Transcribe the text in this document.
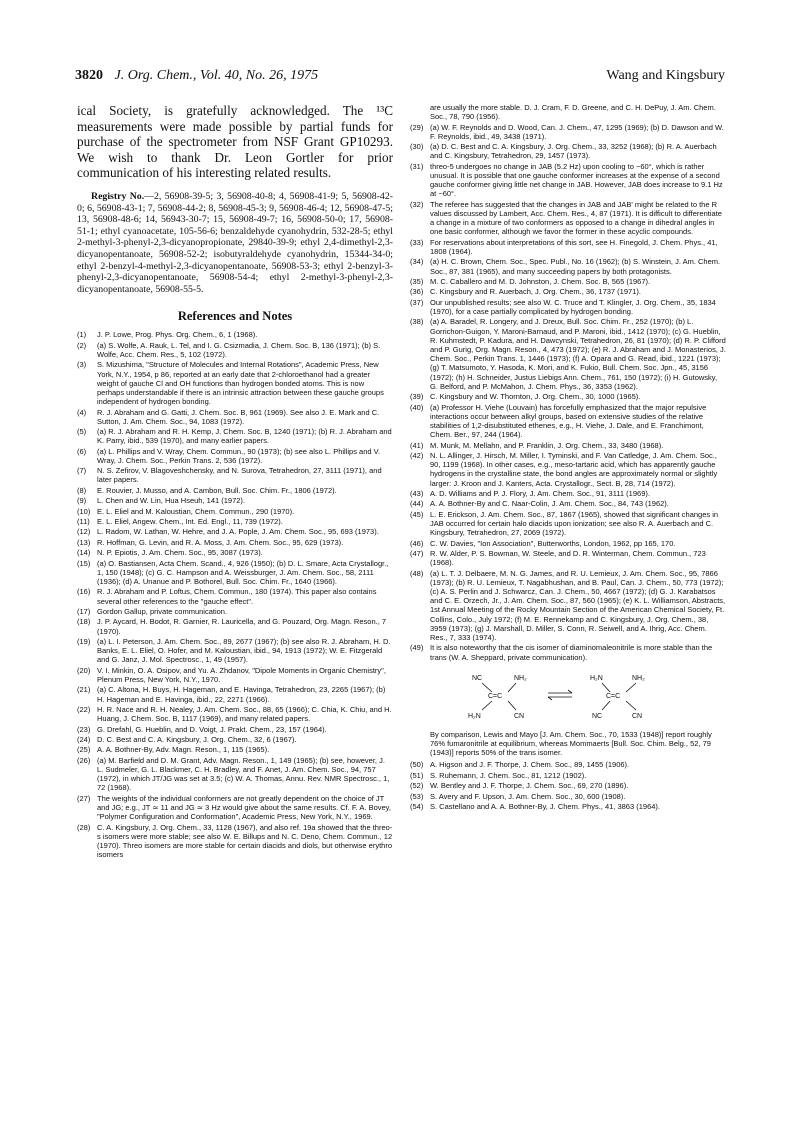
3820 J. Org. Chem., Vol. 40, No. 26, 1975	Wang and Kingsbury

ical Society, is gratefully acknowledged. The ¹³C measurements were made possible by partial funds for purchase of the spectrometer from NSF Grant GP10293. We wish to thank Dr. Leon Gortler for prior communication of his interesting related results.

Registry No.—2, 56908-39-5; 3, 56908-40-8; 4, 56908-41-9; 5, 56908-42-0; 6, 56908-43-1; 7, 56908-44-2; 8, 56908-45-3; 9, 56908-46-4; 12, 56908-47-5; 13, 56908-48-6; 14, 56943-30-7; 15, 56908-49-7; 16, 56908-50-0; 17, 56908-51-1; ethyl cyanoacetate, 105-56-6; benzaldehyde cyanohydrin, 532-28-5; ethyl 2-methyl-3-phenyl-2,3-dicyanopropionate, 29840-39-9; ethyl 2,4-dimethyl-2,3-dicyanopentanoate, 56908-52-2; isobutyraldehyde cyanohydrin, 15344-34-0; ethyl 2-benzyl-4-methyl-2,3-dicyanopentanoate, 56908-53-3; ethyl 2-benzyl-3-phenyl-2,3-dicyanopentanoate, 56908-54-4; ethyl 2-methyl-3-phenyl-2,3-dicyanopentanoate, 56908-55-5.

References and Notes
(1)	J. P. Lowe, Prog. Phys. Org. Chem., 6, 1 (1968).
(2)	(a) S. Wolfe, A. Rauk, L. Tel, and I. G. Csizmadia, J. Chem. Soc. B, 136 (1971); (b) S. Wolfe, Acc. Chem. Res., 5, 102 (1972).
(3)	S. Mizushima, "Structure of Molecules and Internal Rotations", Academic Press, New York, N.Y., 1954, p 86, reported at an early date that 2-chloroethanol had a greater weight of gauche Cl and OH functions than hydrogen bonded atoms. This is now perhaps understandable if there is an intrinsic attraction between these gauche groups independent of hydrogen bonding.
(4)	R. J. Abraham and G. Gatti, J. Chem. Soc. B, 961 (1969). See also J. E. Mark and C. Sutton, J. Am. Chem. Soc., 94, 1083 (1972).
(5)	(a) R. J. Abraham and R. H. Kemp, J. Chem. Soc. B, 1240 (1971); (b) R. J. Abraham and K. Parry, ibid., 539 (1970), and many earlier papers.
(6)	(a) L. Phillips and V. Wray, Chem. Commun., 90 (1973); (b) see also L. Phillips and V. Wray, J. Chem. Soc., Perkin Trans. 2, 536 (1972).
(7)	N. S. Zefirov, V. Blagoveshchensky, and N. Surova, Tetrahedron, 27, 3111 (1971), and later papers.
(8)	E. Rouvier, J. Musso, and A. Cambon, Bull. Soc. Chim. Fr., 1806 (1972).
(9)	L. Chen and W. Lin, Hua Hseuh, 141 (1972).
(10) E. L. Eliel and M. Kaloustian, Chem. Commun., 290 (1970).
(11) E. L. Eliel, Angew. Chem., Int. Ed. Engl., 11, 739 (1972).
(12) L. Radom, W. Lathan, W. Hehre, and J. A. Pople, J. Am. Chem. Soc., 95, 693 (1973).
(13) R. Hoffman, G. Levin, and R. A. Moss, J. Am. Chem. Soc., 95, 629 (1973).
(14) N. P. Epiotis, J. Am. Chem. Soc., 95, 3087 (1973).
(15) (a) O. Bastiansen, Acta Chem. Scand., 4, 926 (1950); (b) D. L. Smare, Acta Crystallogr., 1, 150 (1948); (c) G. C. Hampson and A. Weissburger, J. Am. Chem. Soc., 58, 2111 (1936); (d) A. Unanue and P. Bothorel, Bull. Soc. Chim. Fr., 1640 (1966).
(16) R. J. Abraham and P. Loftus, Chem. Commun., 180 (1974). This paper also contains several other references to the "gauche effect".
(17) Gordon Gallup, private communication.
(18) J. P. Aycard, H. Bodot, R. Garnier, R. Lauricella, and G. Pouzard, Org. Magn. Reson., 7 (1970).
(19) (a) L. I. Peterson, J. Am. Chem. Soc., 89, 2677 (1967); (b) see also R. J. Abraham, H. D. Banks, E. L. Eliel, O. Hofer, and M. Kaloustian, ibid., 94, 1913 (1972); W. E. Fitzgerald and G. Janz, J. Mol. Spectrosc., 1, 49 (1957).
(20) V. I. Minkin, O. A. Osipov, and Yu. A. Zhdanov, "Dipole Moments in Organic Chemistry", Plenum Press, New York, N.Y., 1970.
(21) (a) C. Altona, H. Buys, H. Hageman, and E. Havinga, Tetrahedron, 23, 2265 (1967); (b) H. Hageman and E. Havinga, ibid., 22, 2271 (1966).
(22) H. R. Nace and R. H. Nealey, J. Am. Chem. Soc., 88, 65 (1966); C. Chia, K. Chiu, and H. Huang, J. Chem. Soc. B, 1117 (1969), and many related papers.
(23) G. Drefahl, G. Hueblin, and D. Voigt, J. Prakt. Chem., 23, 157 (1964).
(24) D. C. Best and C. A. Kingsbury, J. Org. Chem., 32, 6 (1967).
(25) A. A. Bothner-By, Adv. Magn. Reson., 1, 115 (1965).
(26) (a) M. Barfield and D. M. Grant, Adv. Magn. Reson., 1, 149 (1965); (b) see, however, J. L. Sudmeler, G. L. Blackmer, C. H. Bradley, and F. Anet, J. Am. Chem. Soc., 94, 757 (1972), in which JT/JG was set at 3.5; (c) W. A. Thomas, Annu. Rev. NMR Spectrosc., 1, 72 (1968).
(27) The weights of the individual conformers are not greatly dependent on the choice of JT and JG; e.g., JT ≃ 11 and JG ≃ 3 Hz would give about the same results. Cf. F. A. Bovey, "Polymer Configuration and Conformation", Academic Press, New York, N.Y., 1969.
(28) C. A. Kingsbury, J. Org. Chem., 33, 1128 (1967), and also ref. 19a showed that the threo-s isomers were more stable; see also W. E. Billups and N. C. Deno, Chem. Commun., 12 (1970). Threo isomers are more stable for certain diacids and diols, but otherwise erythro isomers
are usually the more stable. D. J. Cram, F. D. Greene, and C. H. DePuy, J. Am. Chem. Soc., 78, 790 (1956).
(29) (a) W. F. Reynolds and D. Wood, Can. J. Chem., 47, 1295 (1969); (b) D. Dawson and W. F. Reynolds, ibid., 49, 3438 (1971).
(30) (a) D. C. Best and C. A. Kingsbury, J. Org. Chem., 33, 3252 (1968); (b) R. A. Auerbach and C. Kingsbury, Tetrahedron, 29, 1457 (1973).
(31) threo-5 undergoes no change in JAB (5.2 Hz) upon cooling to −60°, which is rather unusual. It is possible that one gauche conformer increases at the expense of a second gauche conformer giving little net change in JAB. However, JAB does increase to 9.1 Hz at −60°.
(32) The referee has suggested that the changes in JAB and JAB' might be related to the R values discussed by Lambert, Acc. Chem. Res., 4, 87 (1971). It is difficult to differentiate a change in a mixture of two conformers as opposed to a change in dihedral angles in one basic conformer, although we favor the former in these acyclic compounds.
(33) For reservations about interpretations of this sort, see H. Finegold, J. Chem. Phys., 41, 1808 (1964).
(34) (a) H. C. Brown, Chem. Soc., Spec. Publ., No. 16 (1962); (b) S. Winstein, J. Am. Chem. Soc., 87, 381 (1965), and many succeeding papers by both protagonists.
(35) M. C. Caballero and M. D. Johnston, J. Chem. Soc. B, 565 (1967).
(36) C. Kingsbury and R. Auerbach, J. Org. Chem., 36, 1737 (1971).
(37) Our unpublished results; see also W. C. Truce and T. Klingler, J. Org. Chem., 35, 1834 (1970), for a case partially complicated by hydrogen bonding.
(38) (a) A. Baradel, R. Longery, and J. Dreux, Bull. Soc. Chim. Fr., 252 (1970); (b) L. Gorrichon-Guigon, Y. Maroni-Barnaud, and P. Maroni, ibid., 1412 (1970); (c) G. Hueblin, R. Kuhmstedt, P. Kadura, and H. Dawcynski, Tetrahedron, 26, 81 (1970); (d) R. P. Clifford and P. Gurig, Org. Magn. Reson., 4, 473 (1972); (e) R. J. Abraham and J. Monasterios, J. Chem. Soc., Perkin Trans. 1, 1446 (1973); (f) A. Oparа and G. Read, ibid., 1221 (1973); (g) T. Matsumoto, Y. Hasoda, K. Mori, and K. Fukio, Bull. Chem. Soc. Jpn., 45, 3156 (1972); (h) H. Schneider, Justus Liebigs Ann. Chem., 761, 150 (1972); (i) H. Gutowsky, G. Belford, and P. McMahon, J. Chem. Phys., 36, 3353 (1962).
(39) C. Kingsbury and W. Thornton, J. Org. Chem., 30, 1000 (1965).
(40) (a) Professor H. Viehe (Louvain) has forcefully emphasized that the major repulsive interactions occur between alkyl groups, based on extensive studies of the relative stabilities of 1,2-disubstituted ethenes, e.g., H. Viehe, J. Dale, and E. Franchimont, Chem. Ber., 97, 244 (1964).
(41) M. Munk, M. Mellahn, and P. Franklin, J. Org. Chem., 33, 3480 (1968).
(42) N. L. Allinger, J. Hirsch, M. Miller, I. Tyminski, and F. Van Catledge, J. Am. Chem. Soc., 90, 1199 (1968). In other cases, e.g., meso-tartaric acid, which has apparently gauche hydrogens in the crystalline state, the bond angles are approximately normal or slightly larger: J. Kroon and J. Kanters, Acta. Crystallogr., Sect. B, 28, 714 (1972).
(43) A. D. Williams and P. J. Flory, J. Am. Chem. Soc., 91, 3111 (1969).
(44) A. A. Bothner-By and C. Naar-Colin, J. Am. Chem. Soc., 84, 743 (1962).
(45) L. E. Erickson, J. Am. Chem. Soc., 87, 1867 (1965), showed that significant changes in JAB occurred for certain halo diacids upon ionization; see also R. A. Auerbach and C. Kingsbury, Tetrahedron, 27, 2069 (1972).
(46) C. W. Davies, "Ion Association", Butterworths, London, 1962, pp 165, 170.
(47) R. W. Alder, P. S. Bowman, W. Steele, and D. R. Winterman, Chem. Commun., 723 (1968).
(48) (a) L. T. J. Delbaere, M. N. G. James, and R. U. Lemieux, J. Am. Chem. Soc., 95, 7866 (1973); (b) R. U. Lemieux, T. Nagabhushan, and B. Paul, Can. J. Chem., 50, 773 (1972); (c) A. S. Perlin and J. Schwarcz, Can. J. Chem., 50, 4667 (1972); (d) G. J. Karabatsos and C. E. Orzech, Jr., J. Am. Chem. Soc., 87, 560 (1965); (e) K. L. Williamson, Abstracts, 1st Annual Meeting of the Rocky Mountain Section of the American Chemical Society, Ft. Collins, Colo., July 1972; (f) M. E. Rennekamp and C. Kingsbury, J. Org. Chem., 38, 3959 (1973); (g) J. Marshall, D. Miller, S. Conn, R. Seiwell, and A. Ihrig, Acc. Chem. Res., 7, 333 (1974).
(49) It is also noteworthy that the cis isomer of diaminomaleonitrile is more stable than the trans (W. A. Sheppard, private communication).
NC	NH₂
C=C
H₂N	CN
H₂N	NH₂
C=C
NC	CN
By comparison, Lewis and Mayo [J. Am. Chem. Soc., 70, 1533 (1948)] report roughly 76% fumaronitrile at equilibrium, whereas Mommaerts [Bull. Soc. Chim. Belg., 52, 79 (1943)] reports 50% of the trans isomer.
(50) A. Higson and J. F. Thorpe, J. Chem. Soc., 89, 1455 (1906).
(51) S. Ruhemann, J. Chem. Soc., 81, 1212 (1902).
(52) W. Bentley and J. F. Thorpe, J. Chem. Soc., 69, 270 (1896).
(53) S. Avery and F. Upson, J. Am. Chem. Soc., 30, 600 (1908).
(54) S. Castellano and A. A. Bothner-By, J. Chem. Phys., 41, 3863 (1964).
